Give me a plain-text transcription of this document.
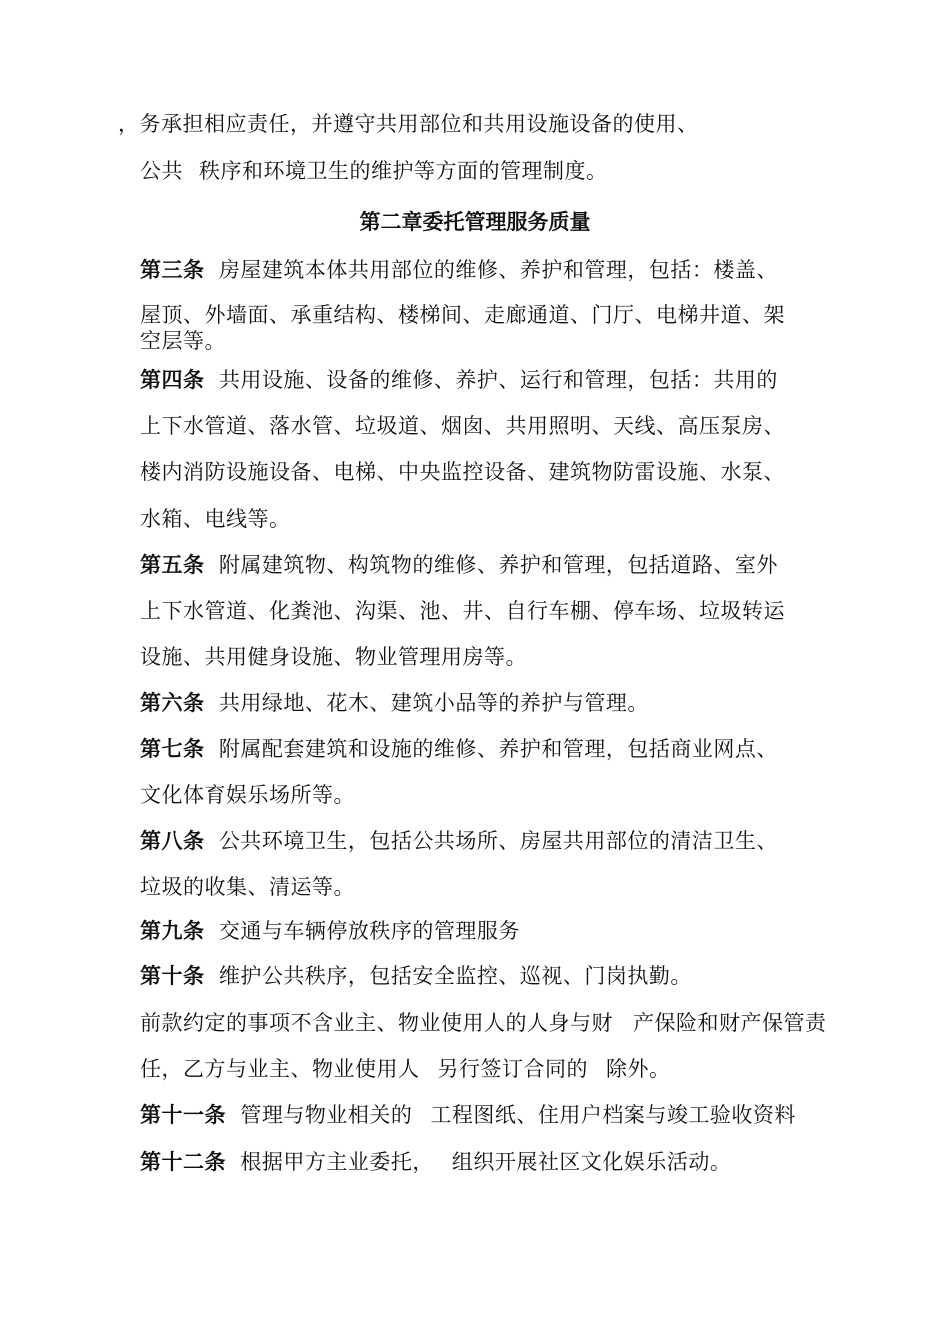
，务承担相应责任，并遵守共用部位和共用设施设备的使用、
公共 秩序和环境卫生的维护等方面的管理制度。
第二章委托管理服务质量
第三条 房屋建筑本体共用部位的维修、养护和管理，包括：楼盖、
屋顶、外墙面、承重结构、楼梯间、走廊通道、门厅、电梯井道、架
空层等。
第四条 共用设施、设备的维修、养护、运行和管理，包括：共用的
上下水管道、落水管、垃圾道、烟囱、共用照明、天线、高压泵房、
楼内消防设施设备、电梯、中央监控设备、建筑物防雷设施、水泵、
水箱、电线等。
第五条 附属建筑物、构筑物的维修、养护和管理，包括道路、室外
上下水管道、化粪池、沟渠、池、井、自行车棚、停车场、垃圾转运
设施、共用健身设施、物业管理用房等。
第六条 共用绿地、花木、建筑小品等的养护与管理。
第七条 附属配套建筑和设施的维修、养护和管理，包括商业网点、
文化体育娱乐场所等。
第八条 公共环境卫生，包括公共场所、房屋共用部位的清洁卫生、
垃圾的收集、清运等。
第九条 交通与车辆停放秩序的管理服务
第十条 维护公共秩序，包括安全监控、巡视、门岗执勤。
前款约定的事项不含业主、物业使用人的人身与财 产保险和财产保管责
任，乙方与业主、物业使用人 另行签订合同的 除外。
第十一条 管理与物业相关的 工程图纸、住用户档案与竣工验收资料
第十二条 根据甲方主业委托， 组织开展社区文化娱乐活动。
